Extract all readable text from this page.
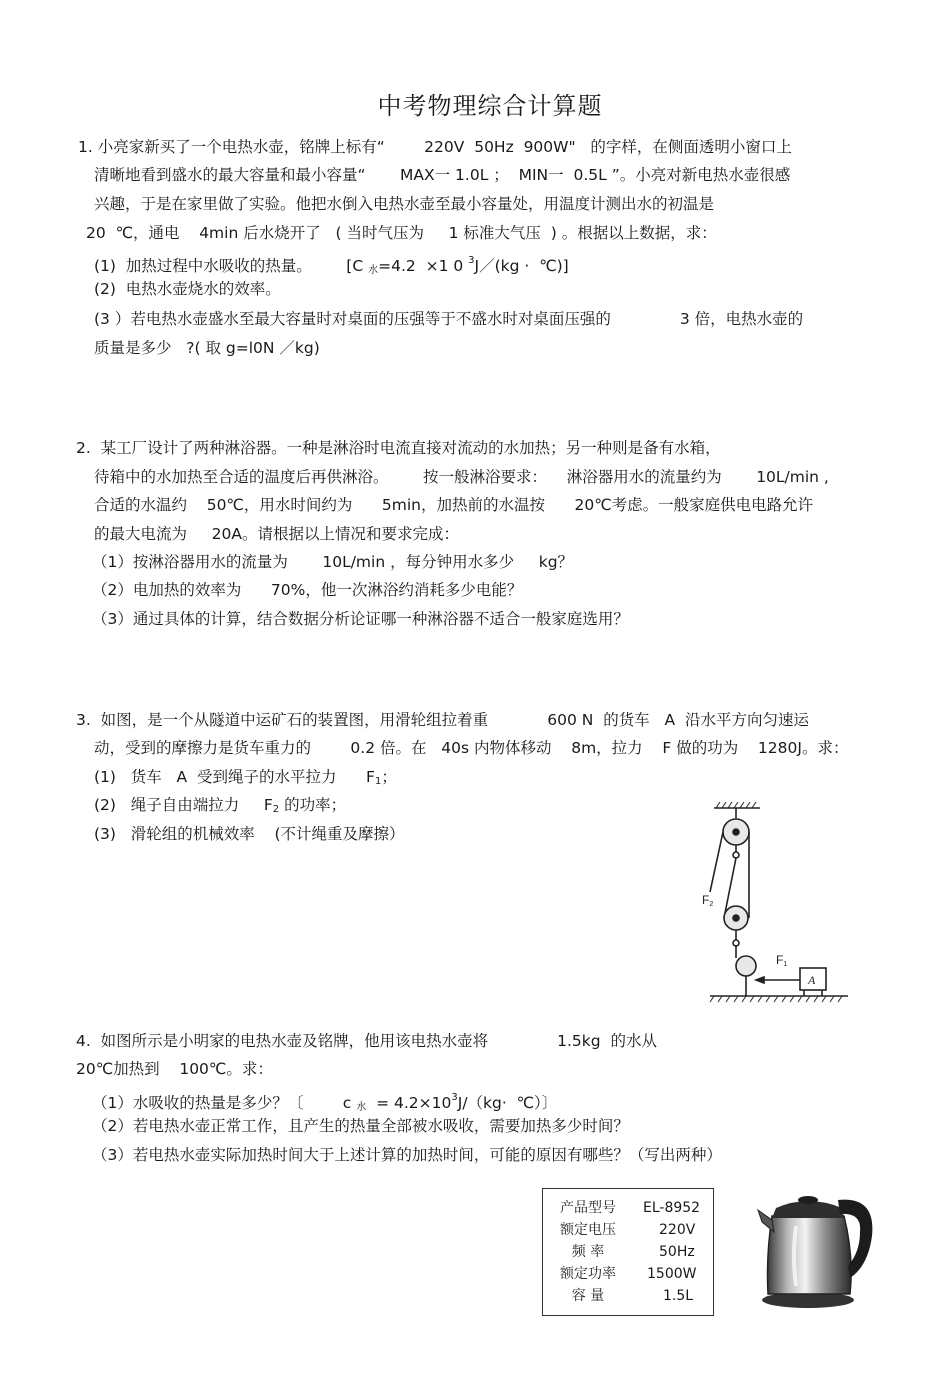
中考物理综合计算题
1. 小亮家新买了一个电热水壶，铭牌上标有“        220V  50Hz  900W"   的字样，在侧面透明小窗口上
清晰地看到盛水的最大容量和最小容量“       MAX一 1.0L ；  MIN一  0.5L ”。小亮对新电热水壶很感
兴趣，于是在家里做了实验。他把水倒入电热水壶至最小容量处，用温度计测出水的初温是
20  ℃，通电    4min 后水烧开了   ( 当时气压为     1 标准大气压  ) 。根据以上数据，求：
(1)  加热过程中水吸收的热量。       [C 水=4.2  ×1 0 $^3$J／(kg ·  ℃)]
(2)  电热水壶烧水的效率。
(3 ）若电热水壶盛水至最大容量时对桌面的压强等于不盛水时对桌面压强的              3 倍，电热水壶的
质量是多少   ?( 取 g=l0N ／kg)
2.  某工厂设计了两种淋浴器。一种是淋浴时电流直接对流动的水加热；另一种则是备有水箱，
待箱中的水加热至合适的温度后再供淋浴。       按一般淋浴要求：    淋浴器用水的流量约为       10L/min ,
合适的水温约    50℃，用水时间约为      5min，加热前的水温按      20℃考虑。一般家庭供电电路允许
的最大电流为     20A。请根据以上情况和要求完成：
（1）按淋浴器用水的流量为       10L/min ，每分钟用水多少     kg？
（2）电加热的效率为      70%，他一次淋浴约消耗多少电能？
（3）通过具体的计算，结合数据分析论证哪一种淋浴器不适合一般家庭选用？
3.  如图，是一个从隧道中运矿石的装置图，用滑轮组拉着重            600 N  的货车   A  沿水平方向匀速运
动，受到的摩擦力是货车重力的        0.2 倍。在   40s 内物体移动    8m，拉力    F 做的功为    1280J。求：
(1)   货车   A  受到绳子的水平拉力      F1；
(2)   绳子自由端拉力     F2 的功率；
(3)   滑轮组的机械效率    (不计绳重及摩擦）
F2
F1
A
4.  如图所示是小明家的电热水壶及铭牌，他用该电热水壶将              1.5kg  的水从
20℃加热到    100℃。求：
（1）水吸收的热量是多少？〔        c 水  = $4.2\times 10^3J/(kg\cdot$  ℃）〕
（2）若电热水壶正常工作，且产生的热量全部被水吸收，需要加热多少时间？
（3）若电热水壶实际加热时间大于上述计算的加热时间，可能的原因有哪些？（写出两种）
产品型号	EL-8952
额定电压	220V
频 率	50Hz
额定功率	1500W
容 量	1.5L
